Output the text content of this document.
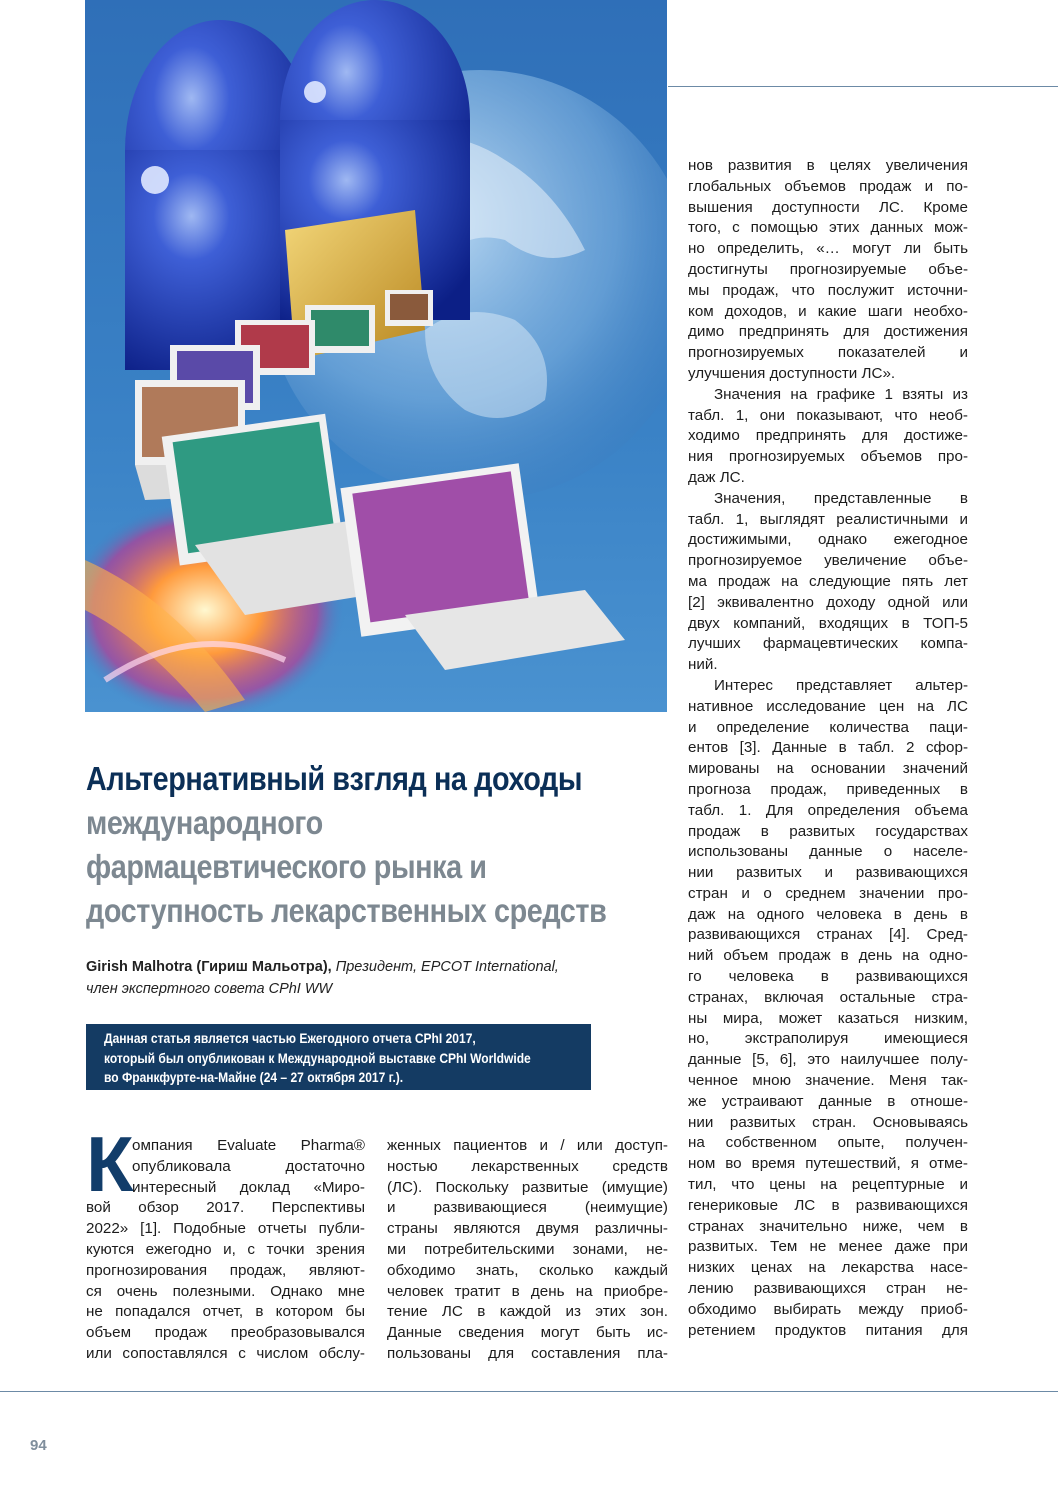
Альтернативный взгляд на доходы
международного
фармацевтического рынка и
доступность лекарственных средств
Girish Malhotra (Гириш Мальотра), Президент, EPCOT International,
член экспертного совета CPhI WW
Данная статья является частью Ежегодного отчета CPhI 2017,
который был опубликован к Международной выставке CPhI Worldwide
во Франкфурте-на-Майне (24 – 27 октября 2017 г.).
К
омпания Evaluate Pharma®
опубликовала достаточно
интересный доклад «Миро-
вой обзор 2017. Перспективы
2022» [1]. Подобные отчеты публи-
куются ежегодно и, с точки зрения
прогнозирования продаж, являют-
ся очень полезными. Однако мне
не попадался отчет, в котором бы
объем продаж преобразовывался
или сопоставлялся с числом обслу-
женных пациентов и / или доступ-
ностью лекарственных средств
(ЛС). Поскольку развитые (имущие)
и развивающиеся (неимущие)
страны являются двумя различны-
ми потребительскими зонами, не-
обходимо знать, сколько каждый
человек тратит в день на приобре-
тение ЛС в каждой из этих зон.
Данные сведения могут быть ис-
пользованы для составления пла-
нов развития в целях увеличения
глобальных объемов продаж и по-
вышения доступности ЛС. Кроме
того, с помощью этих данных мож-
но определить, «… могут ли быть
достигнуты прогнозируемые объе-
мы продаж, что послужит источни-
ком доходов, и какие шаги необхо-
димо предпринять для достижения
прогнозируемых показателей и
улучшения доступности ЛС».
Значения на графике 1 взяты из
табл. 1, они показывают, что необ-
ходимо предпринять для достиже-
ния прогнозируемых объемов про-
даж ЛС.
Значения, представленные в
табл. 1, выглядят реалистичными и
достижимыми, однако ежегодное
прогнозируемое увеличение объе-
ма продаж на следующие пять лет
[2] эквивалентно доходу одной или
двух компаний, входящих в ТОП-5
лучших фармацевтических компа-
ний.
Интерес представляет альтер-
нативное исследование цен на ЛС
и определение количества паци-
ентов [3]. Данные в табл. 2 сфор-
мированы на основании значений
прогноза продаж, приведенных в
табл. 1. Для определения объема
продаж в развитых государствах
использованы данные о населе-
нии развитых и развивающихся
стран и о среднем значении про-
даж на одного человека в день в
развивающихся странах [4]. Сред-
ний объем продаж в день на одно-
го человека в развивающихся
странах, включая остальные стра-
ны мира, может казаться низким,
но, экстраполируя имеющиеся
данные [5, 6], это наилучшее полу-
ченное мною значение. Меня так-
же устраивают данные в отноше-
нии развитых стран. Основываясь
на собственном опыте, получен-
ном во время путешествий, я отме-
тил, что цены на рецептурные и
генериковые ЛС в развивающихся
странах значительно ниже, чем в
развитых. Тем не менее даже при
низких ценах на лекарства насе-
лению развивающихся стран не-
обходимо выбирать между приоб-
ретением продуктов питания для
94
